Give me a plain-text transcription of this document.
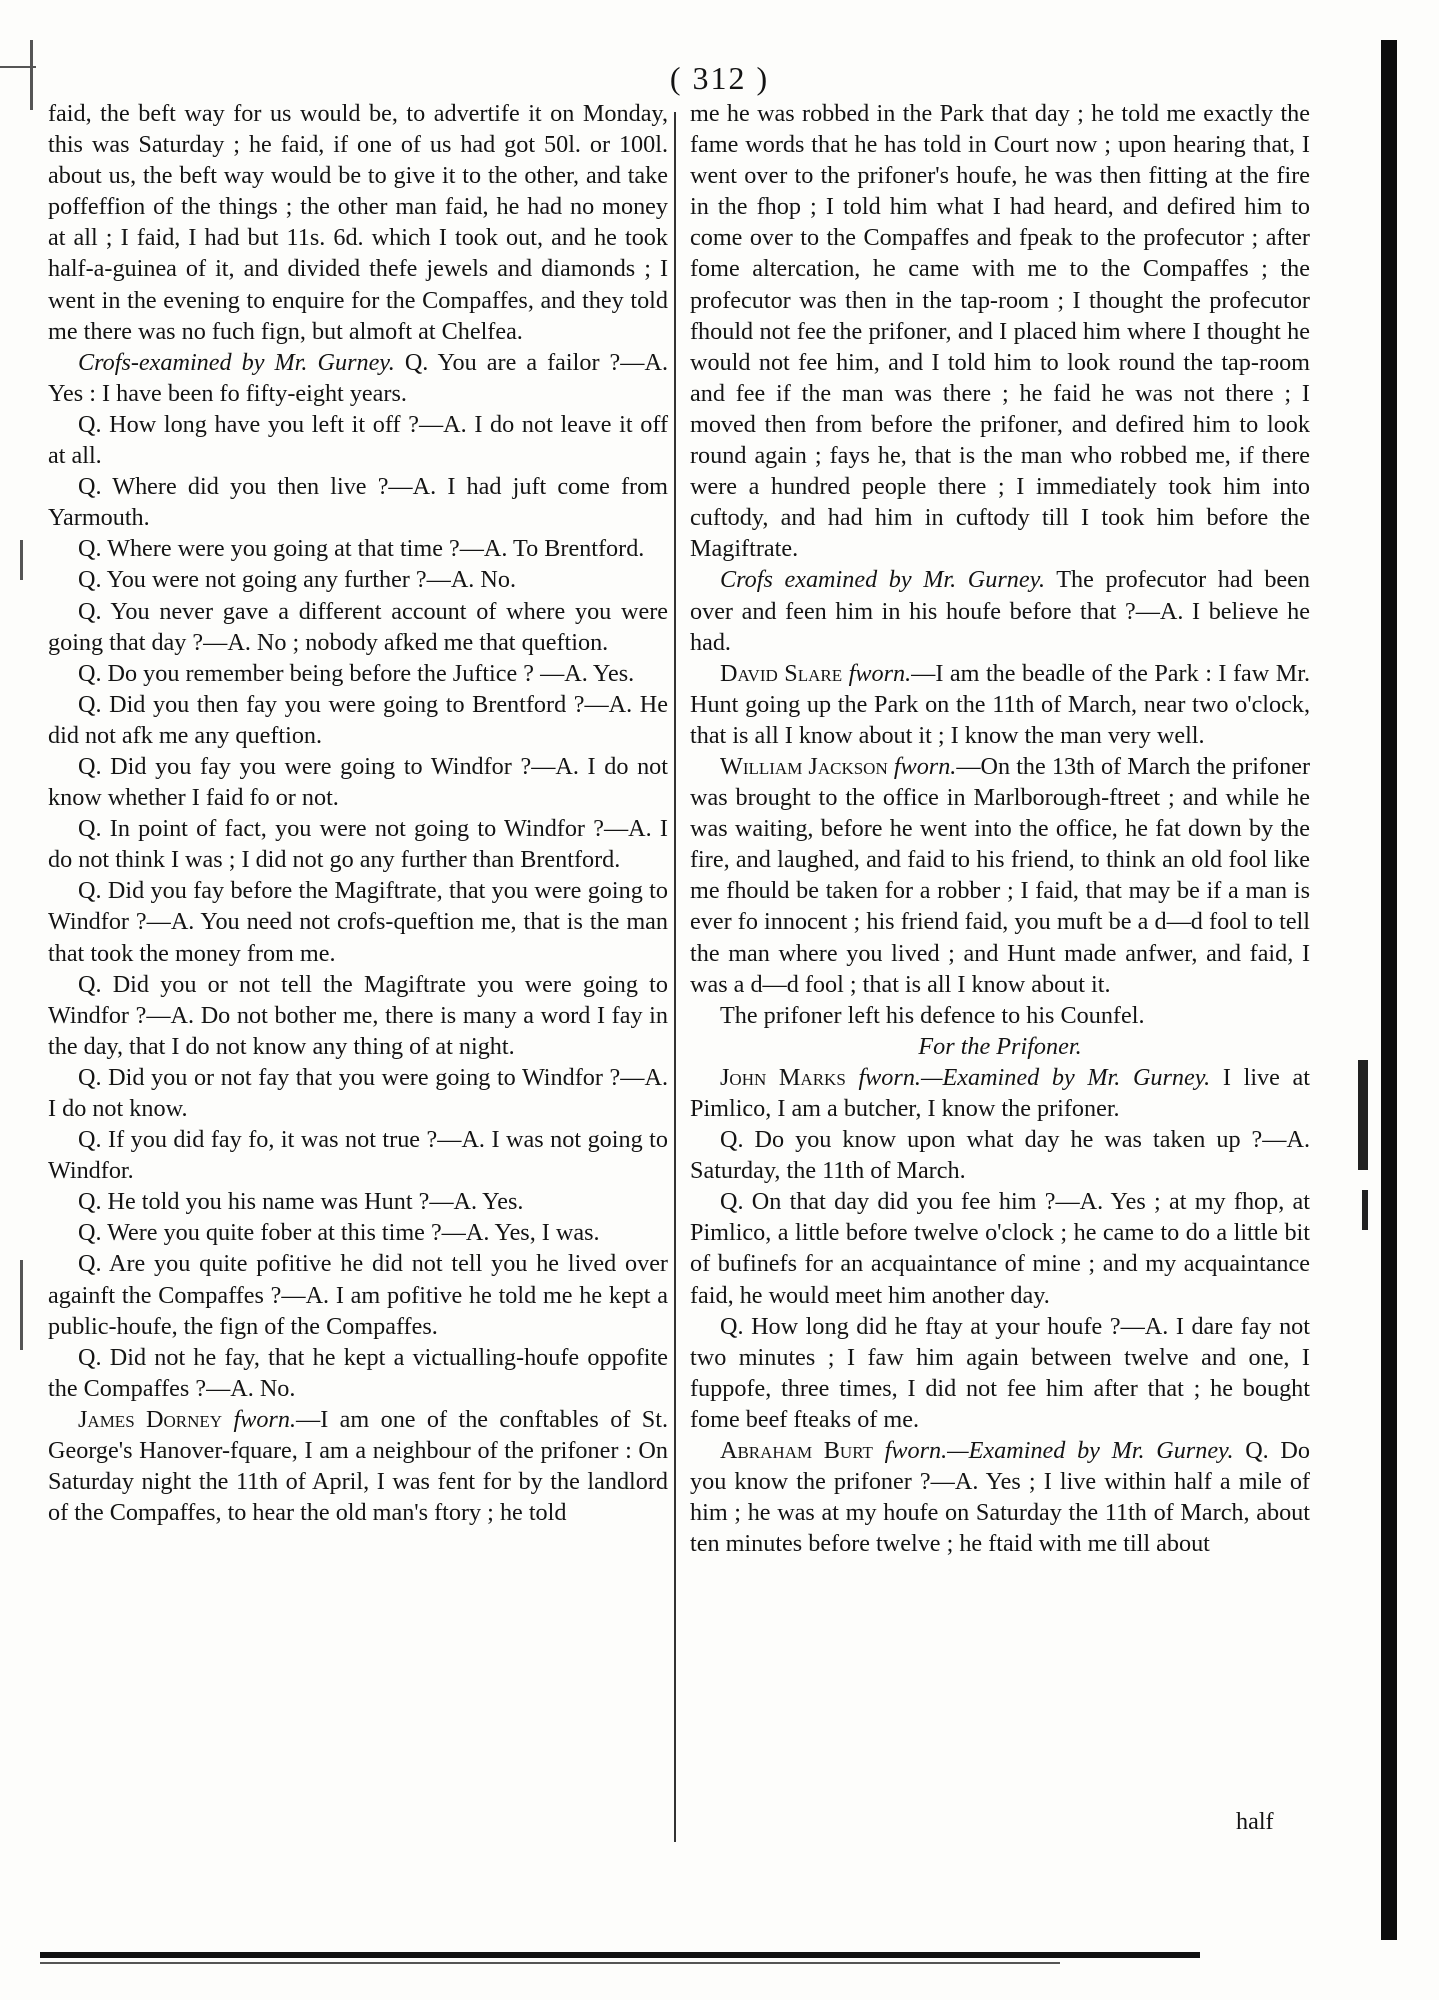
( 312 )

faid, the beft way for us would be, to advertife it on Monday, this was Saturday ; he faid, if one of us had got 50l. or 100l. about us, the beft way would be to give it to the other, and take poffeffion of the things ; the other man faid, he had no money at all ; I faid, I had but 11s. 6d. which I took out, and he took half-a-guinea of it, and divided thefe jewels and diamonds ; I went in the evening to enquire for the Compaffes, and they told me there was no fuch fign, but almoft at Chelfea.

Crofs-examined by Mr. Gurney. Q. You are a failor ?—A. Yes : I have been fo fifty-eight years.

Q. How long have you left it off ?—A. I do not leave it off at all.

Q. Where did you then live ?—A. I had juft come from Yarmouth.

Q. Where were you going at that time ?—A. To Brentford.

Q. You were not going any further ?—A. No.

Q. You never gave a different account of where you were going that day ?—A. No ; nobody afked me that queftion.

Q. Do you remember being before the Juftice ? —A. Yes.

Q. Did you then fay you were going to Brentford ?—A. He did not afk me any queftion.

Q. Did you fay you were going to Windfor ?—A. I do not know whether I faid fo or not.

Q. In point of fact, you were not going to Windfor ?—A. I do not think I was ; I did not go any further than Brentford.

Q. Did you fay before the Magiftrate, that you were going to Windfor ?—A. You need not crofs-queftion me, that is the man that took the money from me.

Q. Did you or not tell the Magiftrate you were going to Windfor ?—A. Do not bother me, there is many a word I fay in the day, that I do not know any thing of at night.

Q. Did you or not fay that you were going to Windfor ?—A. I do not know.

Q. If you did fay fo, it was not true ?—A. I was not going to Windfor.

Q. He told you his name was Hunt ?—A. Yes.

Q. Were you quite fober at this time ?—A. Yes, I was.

Q. Are you quite pofitive he did not tell you he lived over againft the Compaffes ?—A. I am pofitive he told me he kept a public-houfe, the fign of the Compaffes.

Q. Did not he fay, that he kept a victualling-houfe oppofite the Compaffes ?—A. No.

James Dorney fworn.—I am one of the conftables of St. George's Hanover-fquare, I am a neighbour of the prifoner : On Saturday night the 11th of April, I was fent for by the landlord of the Compaffes, to hear the old man's ftory ; he told

me he was robbed in the Park that day ; he told me exactly the fame words that he has told in Court now ; upon hearing that, I went over to the prifoner's houfe, he was then fitting at the fire in the fhop ; I told him what I had heard, and defired him to come over to the Compaffes and fpeak to the profecutor ; after fome altercation, he came with me to the Compaffes ; the profecutor was then in the tap-room ; I thought the profecutor fhould not fee the prifoner, and I placed him where I thought he would not fee him, and I told him to look round the tap-room and fee if the man was there ; he faid he was not there ; I moved then from before the prifoner, and defired him to look round again ; fays he, that is the man who robbed me, if there were a hundred people there ; I immediately took him into cuftody, and had him in cuftody till I took him before the Magiftrate.

Crofs examined by Mr. Gurney. The profecutor had been over and feen him in his houfe before that ?—A. I believe he had.

David Slare fworn.—I am the beadle of the Park : I faw Mr. Hunt going up the Park on the 11th of March, near two o'clock, that is all I know about it ; I know the man very well.

William Jackson fworn.—On the 13th of March the prifoner was brought to the office in Marlborough-ftreet ; and while he was waiting, before he went into the office, he fat down by the fire, and laughed, and faid to his friend, to think an old fool like me fhould be taken for a robber ; I faid, that may be if a man is ever fo innocent ; his friend faid, you muft be a d—d fool to tell the man where you lived ; and Hunt made anfwer, and faid, I was a d—d fool ; that is all I know about it.

The prifoner left his defence to his Counfel.

For the Prifoner.

John Marks fworn.—Examined by Mr. Gurney. I live at Pimlico, I am a butcher, I know the prifoner.

Q. Do you know upon what day he was taken up ?—A. Saturday, the 11th of March.

Q. On that day did you fee him ?—A. Yes ; at my fhop, at Pimlico, a little before twelve o'clock ; he came to do a little bit of bufinefs for an acquaintance of mine ; and my acquaintance faid, he would meet him another day.

Q. How long did he ftay at your houfe ?—A. I dare fay not two minutes ; I faw him again between twelve and one, I fuppofe, three times, I did not fee him after that ; he bought fome beef fteaks of me.

Abraham Burt fworn.—Examined by Mr. Gurney. Q. Do you know the prifoner ?—A. Yes ; I live within half a mile of him ; he was at my houfe on Saturday the 11th of March, about ten minutes before twelve ; he ftaid with me till about

half
